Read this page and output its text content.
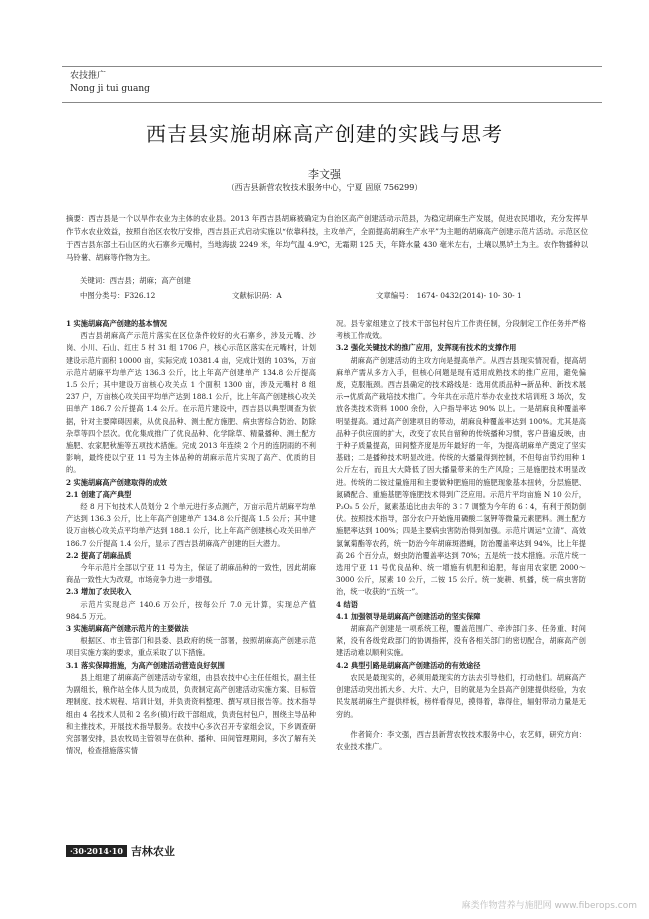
农技推广
Nong ji tui guang
西吉县实施胡麻高产创建的实践与思考
李文强
（西吉县新营农牧技术服务中心，宁夏 固原 756299）
摘要：西吉县是一个以旱作农业为主体的农业县。2013 年西吉县胡麻被确定为自治区高产创建活动示范县，为稳定胡麻生产发展，促进农民增收，充分发挥旱作节水农业效益，按照自治区农牧厅安排，西吉县正式启动实施以“依靠科技，主攻单产，全面提高胡麻生产水平”为主题的胡麻高产创建示范片活动。示范区位于西吉县东部土石山区的火石寨乡元嘴村，当地海拔 2249 米，年均气温 4.9℃，无霜期 125 天，年降水量 430 毫米左右，土壤以黑垆土为主。农作物播种以马铃薯、胡麻等作物为主。
关键词：西吉县；胡麻；高产创建
中图分类号：F326.12	文献标识码：A	文章编号：　1674- 0432(2014)- 10- 30- 1

1 实施胡麻高产创建的基本情况

西吉县胡麻高产示范片落实在区位条件较好的火石寨乡，涉及元嘴、沙岗、小川、石山、红庄 5 村 31 组 1706 户，核心示范区落实在元嘴村，计划建设示范片面积 10000 亩，实际完成 10381.4 亩，完成计划的 103%，万亩示范片胡麻平均单产达 136.3 公斤，比上年高产创建单产 134.8 公斤提高 1.5 公斤；其中建设万亩核心攻关点 1 个面积 1300 亩，涉及元嘴村 8 组 237 户，万亩核心攻关田平均单产达到 188.1 公斤，比上年高产创建核心攻关田单产 186.7 公斤提高 1.4 公斤。在示范片建设中，西吉县以典型调查为依据，针对主要障碍因素，从优良品种、测土配方施肥、病虫害综合防治、防除杂草等四个层次。优化集成推广了优良品种、化学除草、精量播种、测土配方施肥、农家肥秋施等五项技术措施。完成 2013 年连续 2 个月的连阴雨的不利影响，最终使以宁亚 11 号为主体品种的胡麻示范片实现了高产、优质的目的。

2 实施胡麻高产创建取得的成效

2.1 创建了高产典型

经 8 月下旬技术人员划分 2 个单元进行多点测产，万亩示范片胡麻平均单产达到 136.3 公斤，比上年高产创建单产 134.8 公斤提高 1.5 公斤；其中建设万亩核心攻关点平均单产达到 188.1 公斤，比上年高产创建核心攻关田单产 186.7 公斤提高 1.4 公斤，显示了西吉县胡麻高产创建的巨大潜力。

2.2 提高了胡麻品质

今年示范片全部以宁亚 11 号为主，保证了胡麻品种的一致性，因此胡麻商品一致性大为改观，市场竞争力进一步增强。

2.3 增加了农民收入

示范片实现总产 140.6 万公斤，按每公斤 7.0 元计算，实现总产值 984.5 万元。

3 实施胡麻高产创建示范片的主要做法

根据区、市主管部门和县委、县政府的统一部署，按照胡麻高产创建示范项目实施方案的要求，重点采取了以下措施。

3.1 落实保障措施，为高产创建活动营造良好氛围

县上组建了胡麻高产创建活动专家组，由县农技中心主任任组长，副主任为副组长，粮作站全体人员为成员，负责制定高产创建活动实施方案、目标管理制度、技术规程、培训计划，并负责资料整理、撰写项目报告等。技术指导组由 4 名技术人员和 2 名乡(镇)行政干部组成，负责包村包户，围绕主导品种和主推技术，开展技术指导服务。农技中心多次召开专家组会议，下乡调查研究部署安排，县农牧局主管领导在供种、播种、田间管理期间，多次了解有关情况，检查措施落实情

况。县专家组建立了技术干部包村包片工作责任制，分段制定工作任务并严格考核工作成效。

3.2 强化关键技术的推广应用，发挥现有技术的支撑作用

胡麻高产创建活动的主攻方向是提高单产。从西吉县现实情况看，提高胡麻单产需从多方入手，但核心问题是现有适用成熟技术的推广应用，避免偏废，克服瓶颈。西吉县确定的技术路线是：选用优质品种→新品种、新技术展示→优质高产栽培技术推广。今年共在示范片举办农业技术培训班 3 场次，发放各类技术资料 1000 余份，入户指导率达 90% 以上。一是胡麻良种覆盖率明显提高。通过高产创建项目的带动，胡麻良种覆盖率达到 100%。尤其是高品种子供应面的扩大，改变了农民自留种的传统播种习惯，客户普遍反映，由于种子质量提高，田间整齐度是历年最好的一年，为提高胡麻单产奠定了坚实基础；二是播种技术明显改进。传统的大播量得到控制，不但每亩节约用种 1 公斤左右，而且大大降低了因大播量带来的生产风险；三是施肥技术明显改进。传统的二铵过量施用和主要做种肥施用的施肥现象基本扭转，分层施肥、氮磷配合、重施基肥等施肥技术得到广泛应用。示范片平均亩施 N 10 公斤，P₂O₅ 5 公斤，氮素基追比由去年的 3∶7 调整为今年的 6∶4，有利于预防倒伏。按照技术指导，部分农户开始施用磷酸二氢钾等微量元素肥料。测土配方施肥率达到 100%；四是主要病虫害防治得到加强。示范片调运“立清”、高效氯氰菊酯等农药，统一防治今年胡麻斑潜蝇，防治覆盖率达到 94%，比上年提高 26 个百分点，蚜虫防治覆盖率达到 70%；五是统一技术措施。示范片统一选用宁亚 11 号优良品种、统一增施有机肥和追肥，每亩用农家肥 2000～3000 公斤，尿素 10 公斤，二铵 15 公斤。统一旋耕、机播，统一病虫害防治，统一收获的“五统一”。

4 结语

4.1 加强领导是胡麻高产创建活动的坚实保障

胡麻高产创建是一项系统工程，覆盖范围广、牵涉部门多、任务重、时间紧，没有各级党政部门的协调指挥，没有各相关部门的密切配合，胡麻高产创建活动难以顺利实施。

4.2 典型引路是胡麻高产创建活动的有效途径

农民是最现实的，必须用最现实的方法去引导他们，打动他们。胡麻高产创建活动突出抓大乡、大片、大户，目的就是为全县高产创建提供经验，为农民发展胡麻生产提供样板，榜样看得见，摸得着，靠得住，辐射带动力量是无穷的。

作者简介：李文强，西吉县新营农牧技术服务中心，农艺师，研究方向：农业技术推广。

·30·2014·10 吉林农业
麻类作物营养与施肥网 www.fiberops.com
